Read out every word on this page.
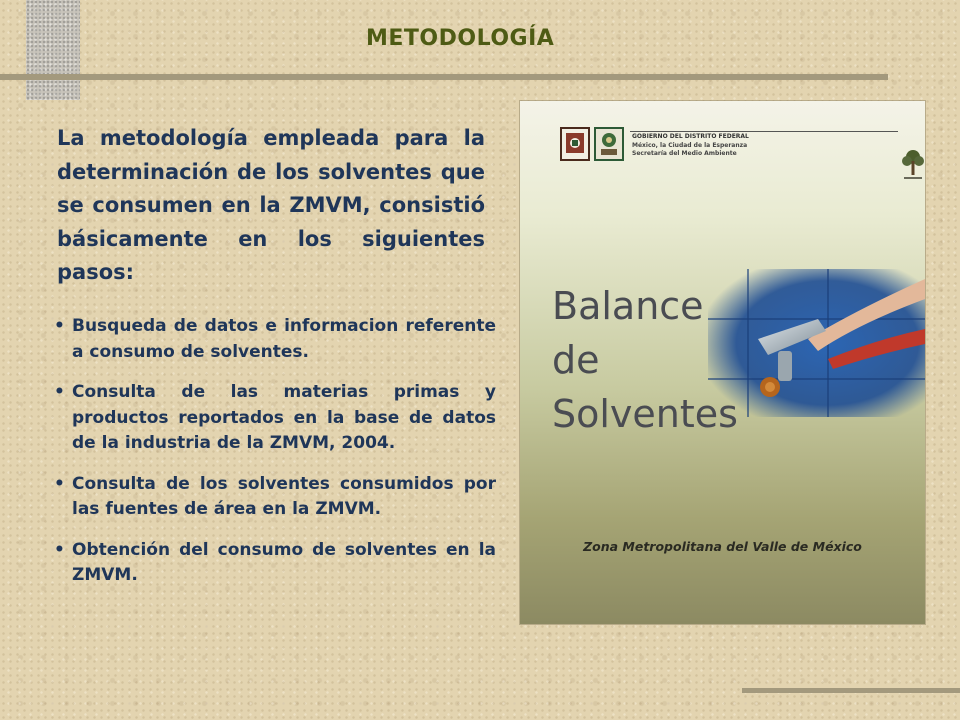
METODOLOGÍA

La metodología empleada para la determinación de los solventes que se consumen en la ZMVM, consistió básicamente en los siguientes pasos:

• Busqueda de datos e informacion referente a consumo de solventes.
• Consulta de las materias primas y productos reportados en la base de datos de la industria de la ZMVM, 2004.
• Consulta de los solventes consumidos por las fuentes de área en la ZMVM.
• Obtención del consumo de solventes en la ZMVM.
GOBIERNO DEL DISTRITO FEDERAL
México, la Ciudad de la Esperanza
Secretaría del Medio Ambiente
Balance
de
Solventes
Zona Metropolitana del Valle de México
